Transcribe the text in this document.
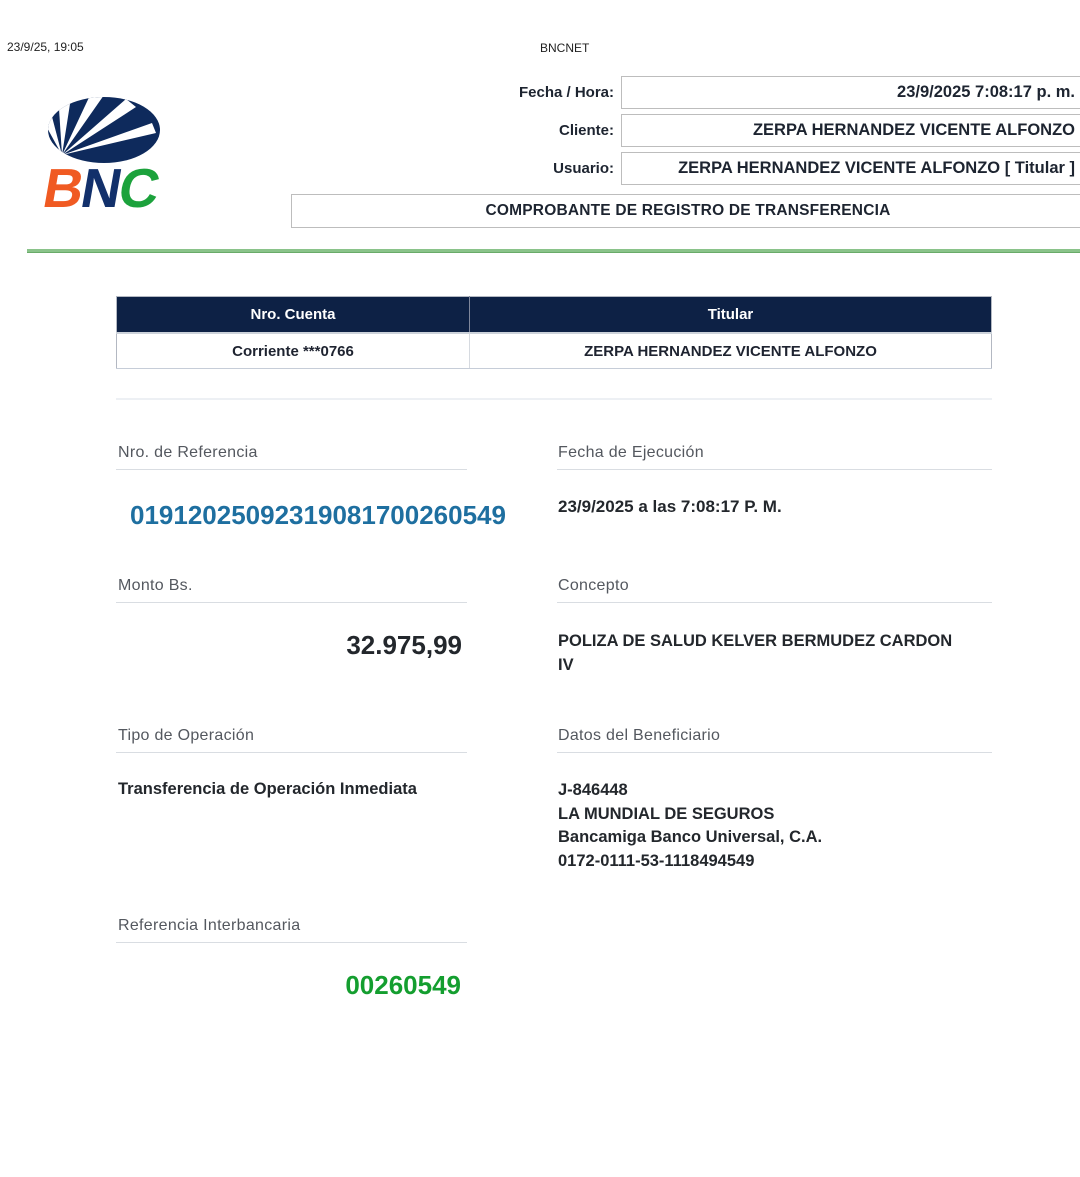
23/9/25, 19:05	BNCNET
BNC
Fecha / Hora:	23/9/2025 7:08:17 p. m.
Cliente:	ZERPA HERNANDEZ VICENTE ALFONZO
Usuario:	ZERPA HERNANDEZ VICENTE ALFONZO [ Titular ]
COMPROBANTE DE REGISTRO DE TRANSFERENCIA
Nro. Cuenta	Titular
Corriente ***0766	ZERPA HERNANDEZ VICENTE ALFONZO
Nro. de Referencia	Fecha de Ejecución
01912025092319081700260549	23/9/2025 a las 7:08:17 P. M.
Monto Bs.	Concepto
32.975,99	POLIZA DE SALUD KELVER BERMUDEZ CARDON IV
Tipo de Operación	Datos del Beneficiario
Transferencia de Operación Inmediata	J-846448
LA MUNDIAL DE SEGUROS
Bancamiga Banco Universal, C.A.
0172-0111-53-1118494549
Referencia Interbancaria
00260549
